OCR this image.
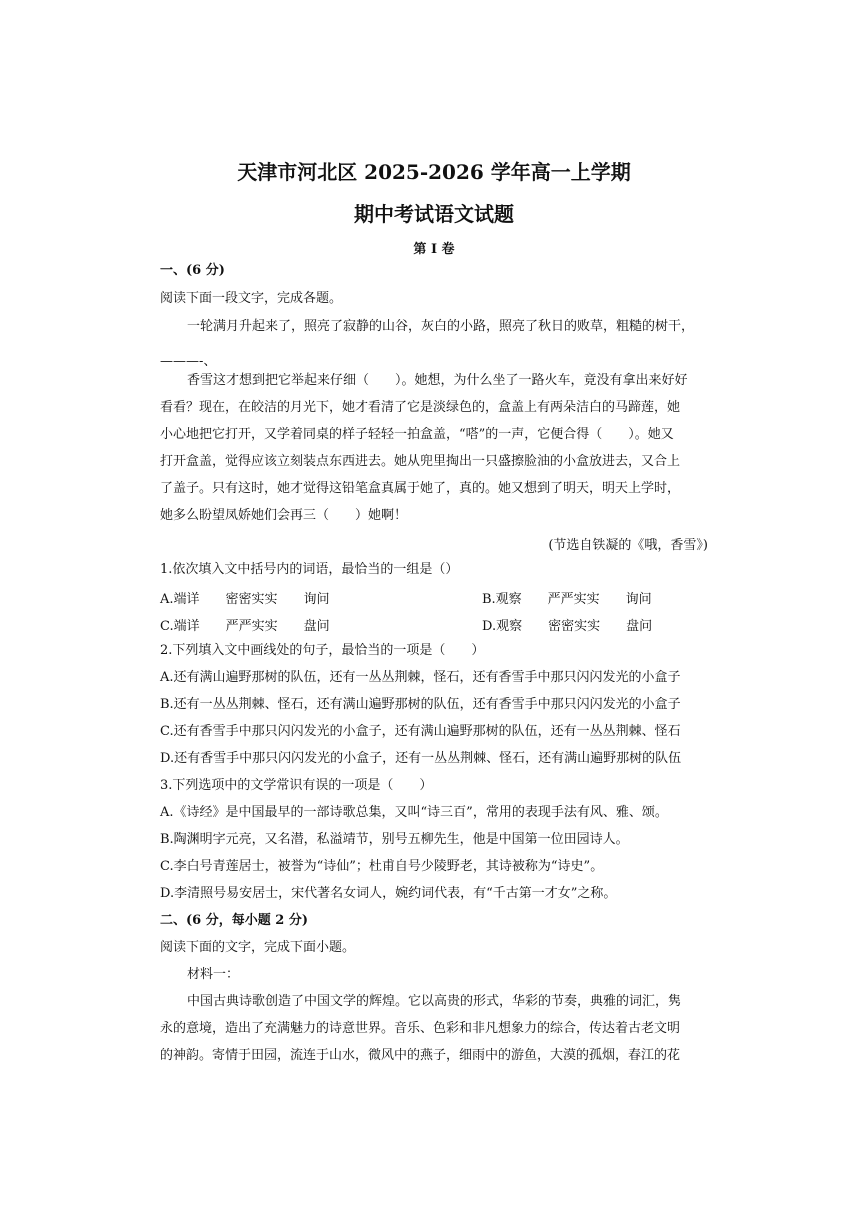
天津市河北区 2025-2026 学年高一上学期
期中考试语文试题
第 I 卷
一、(6 分)
阅读下面一段文字，完成各题。
一轮满月升起来了，照亮了寂静的山谷，灰白的小路，照亮了秋日的败草，粗糙的树干，
———-、
香雪这才想到把它举起来仔细（　　）。她想，为什么坐了一路火车，竟没有拿出来好好
看看？现在，在皎洁的月光下，她才看清了它是淡绿色的，盒盖上有两朵洁白的马蹄莲，她
小心地把它打开，又学着同桌的样子轻轻一拍盒盖，“嗒”的一声，它便合得（　　）。她又
打开盒盖，觉得应该立刻装点东西进去。她从兜里掏出一只盛擦脸油的小盒放进去，又合上
了盖子。只有这时，她才觉得这铅笔盒真属于她了，真的。她又想到了明天，明天上学时，
她多么盼望凤娇她们会再三（　　）她啊！
(节选自铁凝的《哦，香雪》)
1.依次填入文中括号内的词语，最恰当的一组是（）
A.端详　　密密实实　　询问	B.观察　　严严实实　　询问
C.端详　　严严实实　　盘问	D.观察　　密密实实　　盘问
2.下列填入文中画线处的句子，最恰当的一项是（　　）
A.还有满山遍野那树的队伍，还有一丛丛荆棘，怪石，还有香雪手中那只闪闪发光的小盒子
B.还有一丛丛荆棘、怪石，还有满山遍野那树的队伍，还有香雪手中那只闪闪发光的小盒子
C.还有香雪手中那只闪闪发光的小盒子，还有满山遍野那树的队伍，还有一丛丛荆棘、怪石
D.还有香雪手中那只闪闪发光的小盒子，还有一丛丛荆棘、怪石，还有满山遍野那树的队伍
3.下列选项中的文学常识有误的一项是（　　）
A.《诗经》是中国最早的一部诗歌总集，又叫“诗三百”，常用的表现手法有风、雅、颂。
B.陶渊明字元亮，又名潜，私溢靖节，别号五柳先生，他是中国第一位田园诗人。
C.李白号青莲居士，被誉为“诗仙”；杜甫自号少陵野老，其诗被称为“诗史”。
D.李清照号易安居士，宋代著名女词人，婉约词代表，有“千古第一才女”之称。
二、(6 分，每小题 2 分)
阅读下面的文字，完成下面小题。
材料一：
中国古典诗歌创造了中国文学的辉煌。它以高贵的形式，华彩的节奏，典雅的词汇，隽
永的意境，造出了充满魅力的诗意世界。音乐、色彩和非凡想象力的综合，传达着古老文明
的神韵。寄情于田园，流连于山水，微风中的燕子，细雨中的游鱼，大漠的孤烟，春江的花
